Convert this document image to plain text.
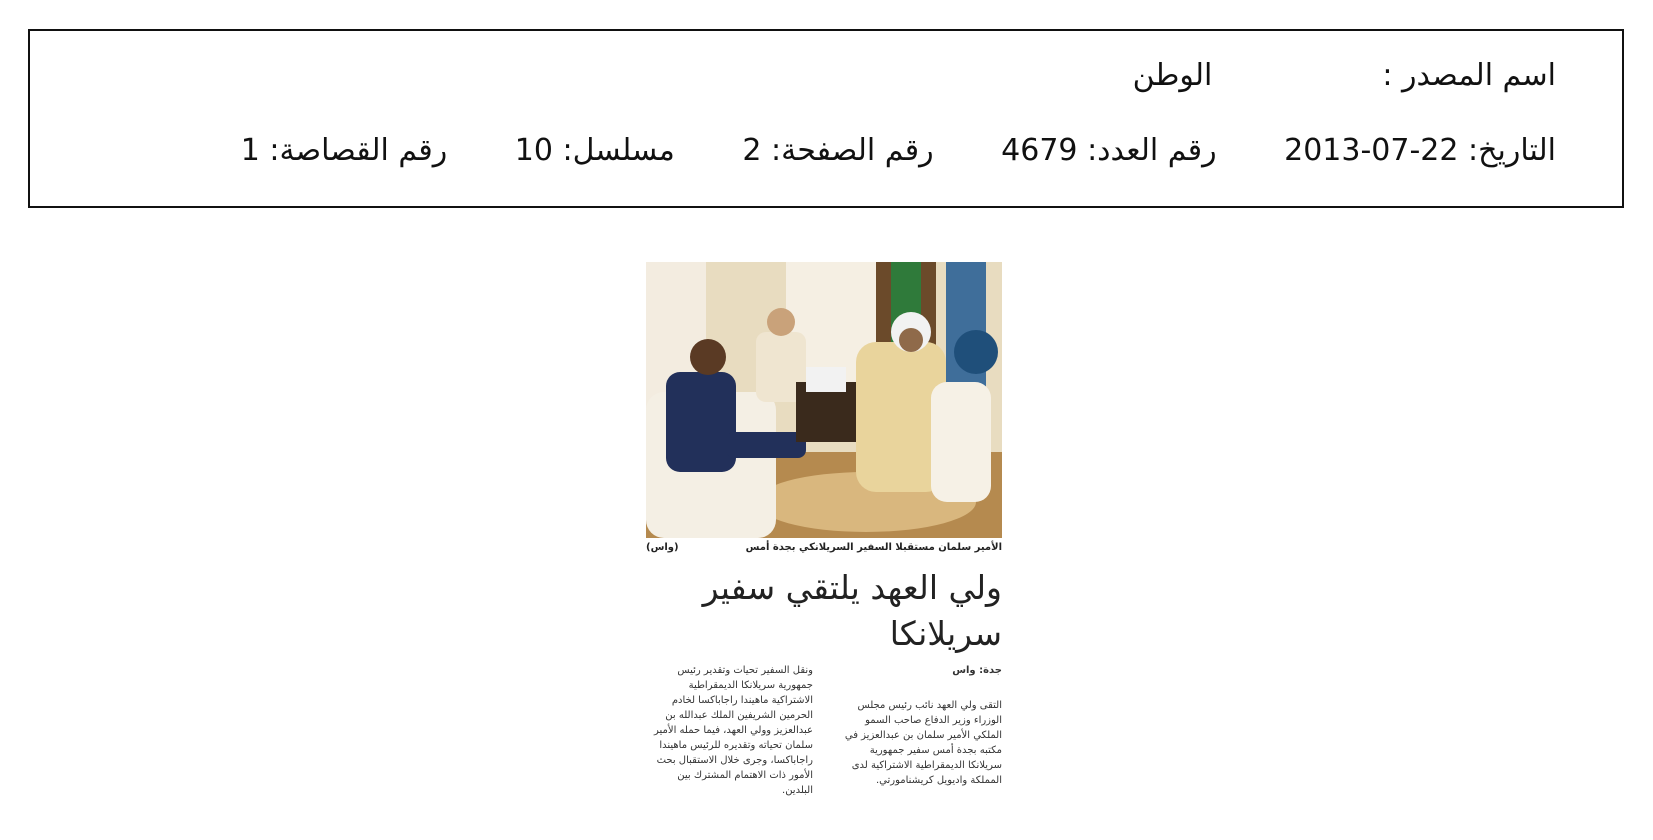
اسم المصدر :الوطن
التاريخ: 2013-07-22 رقم العدد: 4679 رقم الصفحة: 2 مسلسل: 10 رقم القصاصة: 1
الأمير سلمان مستقبلا السفير السريلانكي بجدة أمس
(واس)
ولي العهد يلتقي سفير
سريلانكا
جدة: واس
التقى ولي العهد نائب رئيس مجلس الوزراء وزير الدفاع صاحب السمو الملكي الأمير سلمان بن عبدالعزيز في مكتبه بجدة أمس سفير جمهورية سريلانكا الديمقراطية الاشتراكية لدى المملكة واديويل كريشنامورتي.
ونقل السفير تحيات وتقدير رئيس جمهورية سريلانكا الديمقراطية الاشتراكية ماهيندا راجاباكسا لخادم الحرمين الشريفين الملك عبدالله بن عبدالعزيز وولي العهد، فيما حمله الأمير سلمان تحياته وتقديره للرئيس ماهيندا راجاباكسا، وجرى خلال الاستقبال بحث الأمور ذات الاهتمام المشترك بين البلدين.
